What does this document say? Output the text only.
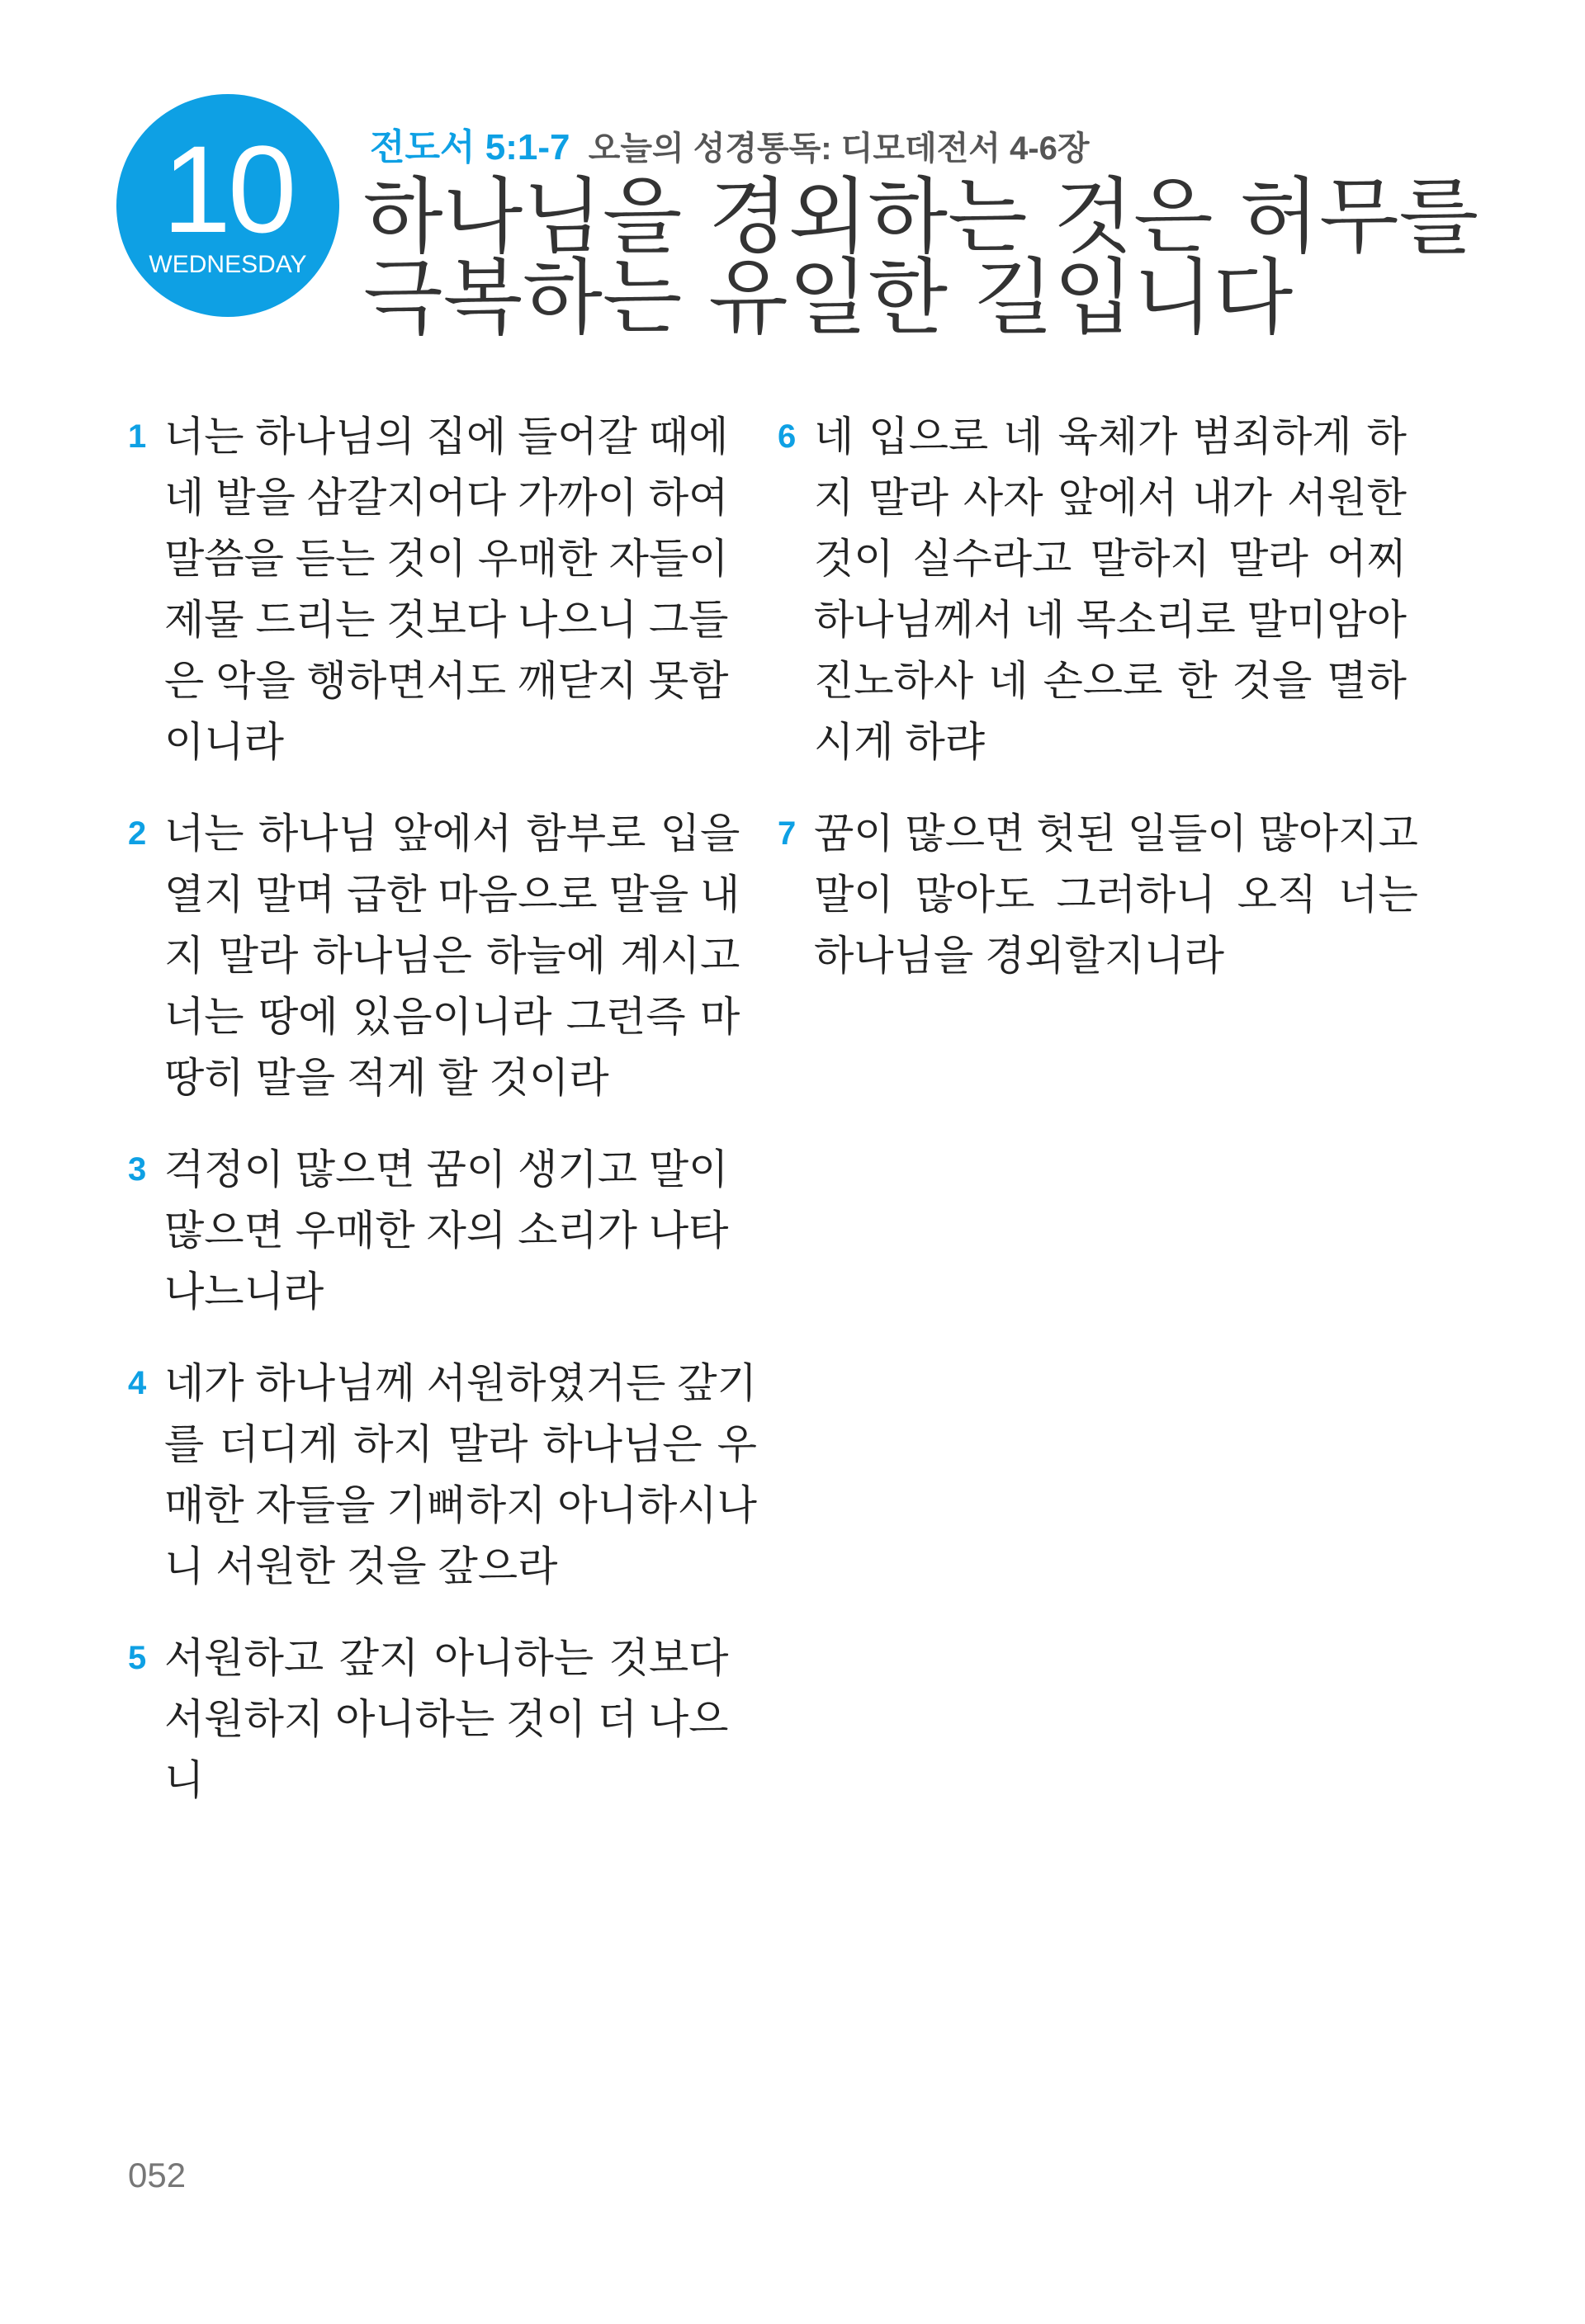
10
WEDNESDAY
전도서 5:1-7 오늘의 성경통독: 디모데전서 4-6장
하나님을 경외하는 것은 허무를
극복하는 유일한 길입니다
1 너는 하나님의 집에 들어갈 때에
네 발을 삼갈지어다 가까이 하여
말씀을 듣는 것이 우매한 자들이
제물 드리는 것보다 나으니 그들
은 악을 행하면서도 깨닫지 못함
이니라
2 너는 하나님 앞에서 함부로 입을
열지 말며 급한 마음으로 말을 내
지 말라 하나님은 하늘에 계시고
너는 땅에 있음이니라 그런즉 마
땅히 말을 적게 할 것이라
3 걱정이 많으면 꿈이 생기고 말이
많으면 우매한 자의 소리가 나타
나느니라
4 네가 하나님께 서원하였거든 갚기
를 더디게 하지 말라 하나님은 우
매한 자들을 기뻐하지 아니하시나
니 서원한 것을 갚으라
5 서원하고 갚지 아니하는 것보다
서원하지 아니하는 것이 더 나으
니
6 네 입으로 네 육체가 범죄하게 하
지 말라 사자 앞에서 내가 서원한
것이 실수라고 말하지 말라 어찌
하나님께서 네 목소리로 말미암아
진노하사 네 손으로 한 것을 멸하
시게 하랴
7 꿈이 많으면 헛된 일들이 많아지고
말이 많아도 그러하니 오직 너는
하나님을 경외할지니라
052
